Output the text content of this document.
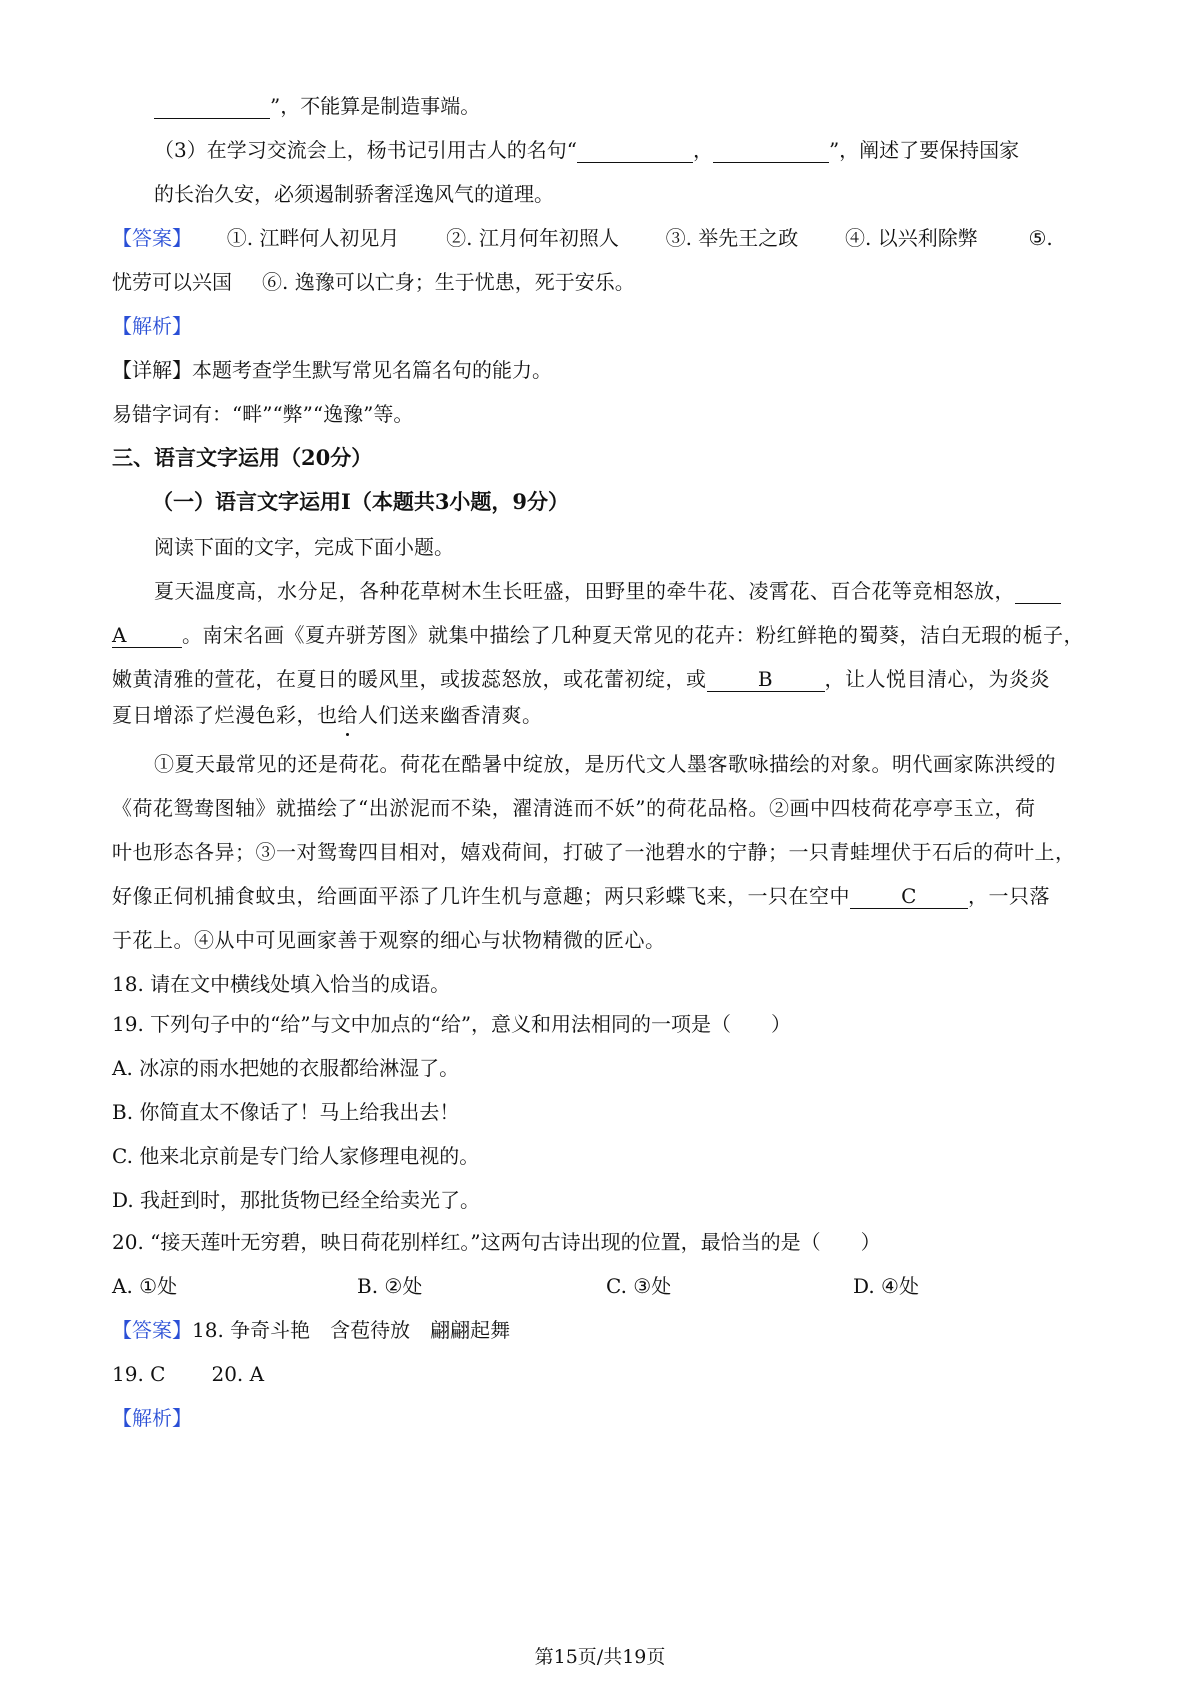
”，不能算是制造事端。
（3）在学习交流会上，杨书记引用古人的名句“	，	”，阐述了要保持国家
的长治久安，必须遏制骄奢淫逸风气的道理。
【答案】 ①. 江畔何人初见月 ②. 江月何年初照人 ③. 举先王之政 ④. 以兴利除弊	⑤.
忧劳可以兴国 ⑥. 逸豫可以亡身；生于忧患，死于安乐。
【解析】
【详解】本题考查学生默写常见名篇名句的能力。
易错字词有：“畔”“弊”“逸豫”等。
三、语言文字运用（20分）
（一）语言文字运用Ⅰ（本题共3小题，9分）
阅读下面的文字，完成下面小题。
夏天温度高，水分足，各种花草树木生长旺盛，田野里的牵牛花、凌霄花、百合花等竞相怒放，
A	。南宋名画《夏卉骈芳图》就集中描绘了几种夏天常见的花卉：粉红鲜艳的蜀葵，洁白无瑕的栀子，
嫩黄清雅的萱花，在夏日的暖风里，或拔蕊怒放，或花蕾初绽，或	B	，让人悦目清心，为炎炎
夏日增添了烂漫色彩，也给人们送来幽香清爽。
①夏天最常见的还是荷花。荷花在酷暑中绽放，是历代文人墨客歌咏描绘的对象。明代画家陈洪绶的
《荷花鸳鸯图轴》就描绘了“出淤泥而不染，濯清涟而不妖”的荷花品格。②画中四枝荷花亭亭玉立，荷
叶也形态各异；③一对鸳鸯四目相对，嬉戏荷间，打破了一池碧水的宁静；一只青蛙埋伏于石后的荷叶上，
好像正伺机捕食蚊虫，给画面平添了几许生机与意趣；两只彩蝶飞来，一只在空中	C	，一只落
于花上。④从中可见画家善于观察的细心与状物精微的匠心。
18. 请在文中横线处填入恰当的成语。
19. 下列句子中的“给”与文中加点的“给”，意义和用法相同的一项是（　　）
A. 冰凉的雨水把她的衣服都给淋湿了。
B. 你简直太不像话了！马上给我出去！
C. 他来北京前是专门给人家修理电视的。
D. 我赶到时，那批货物已经全给卖光了。
20. “接天莲叶无穷碧，映日荷花别样红。”这两句古诗出现的位置，最恰当的是（　　）
A. ①处	B. ②处	C. ③处	D. ④处
【答案】18. 争奇斗艳　含苞待放　翩翩起舞
19. C 20. A
【解析】
第15页/共19页
